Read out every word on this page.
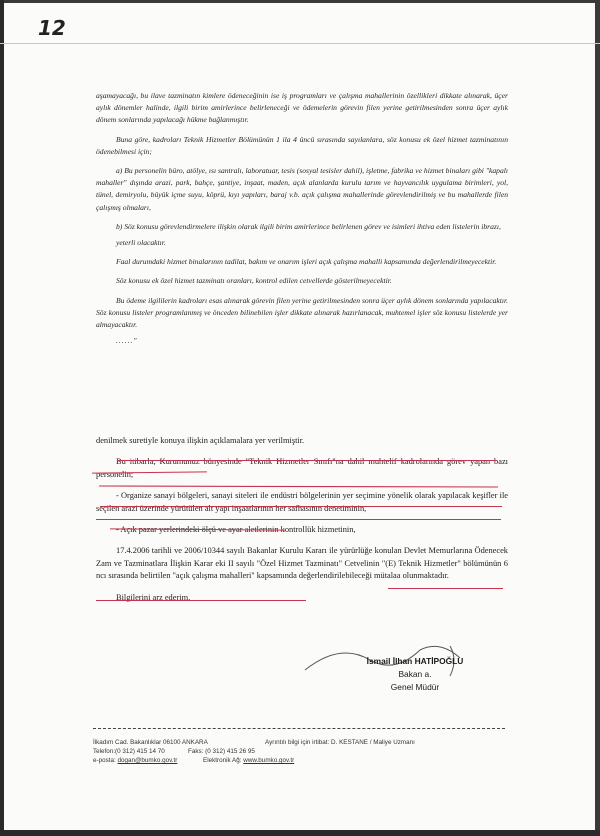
12

aşamayacağı, bu ilave tazminatın kimlere ödeneceğinin ise iş programları ve çalışma mahallerinin özellikleri dikkate alınarak, üçer aylık dönemler halinde, ilgili birim amirlerince belirleneceği ve ödemelerin görevin filen yerine getirilmesinden sonra üçer aylık dönem sonlarında yapılacağı hükme bağlanmıştır.

Buna göre, kadroları Teknik Hizmetler Bölümünün 1 ila 4 üncü sırasında sayılanlara, söz konusu ek özel hizmet tazminatının ödenebilmesi için;

a) Bu personelin büro, atölye, ısı santralı, laboratuar, tesis (sosyal tesisler dahil), işletme, fabrika ve hizmet binaları gibi "kapalı mahaller" dışında arazi, park, bahçe, şantiye, inşaat, maden, açık alanlarda kurulu tarım ve hayvancılık uygulama birimleri, yol, tünel, demiryolu, büyük içme suyu, köprü, kıyı yapıları, baraj v.b. açık çalışma mahallerinde görevlendirilmiş ve bu mahallerde filen çalışmış olmaları,

b) Söz konusu görevlendirmelere ilişkin olarak ilgili birim amirlerince belirlenen görev ve isimleri ihtiva eden listelerin ibrazı,

yeterli olacaktır.

Faal durumdaki hizmet binalarının tadilat, bakım ve onarım işleri açık çalışma mahalli kapsamında değerlendirilmeyecektir.

Söz konusu ek özel hizmet tazminatı oranları, kontrol edilen cetvellerde gösterilmeyecektir.

Bu ödeme ilgililerin kadroları esas alınarak görevin filen yerine getirilmesinden sonra üçer aylık dönem sonlarında yapılacaktır. Söz konusu listeler programlanmış ve önceden bilinebilen işler dikkate alınarak hazırlanacak, muhtemel işler söz konusu listelerde yer almayacaktır.

......"

denilmek suretiyle konuya ilişkin açıklamalara yer verilmiştir.

Bu itibarla, Kurumunuz bünyesinde "Teknik Hizmetler Sınıfı"na dahil muhtelif kadrolarında görev yapan bazı personelin;

- Organize sanayi bölgeleri, sanayi siteleri ile endüstri bölgelerinin yer seçimine yönelik olarak yapılacak keşifler ile seçilen arazi üzerinde yürütülen alt yapı inşaatlarının her safhasının denetiminin,

- Açık pazar yerlerindeki ölçü ve ayar aletlerinin kontrollük hizmetinin,

17.4.2006 tarihli ve 2006/10344 sayılı Bakanlar Kurulu Kararı ile yürürlüğe konulan Devlet Memurlarına Ödenecek Zam ve Tazminatlara İlişkin Karar eki II sayılı "Özel Hizmet Tazminatı" Cetvelinin "(E) Teknik Hizmetler" bölümünün 6 ncı sırasında belirtilen "açık çalışma mahalleri" kapsamında değerlendirilebileceği mütalaa olunmaktadır.

Bilgilerini arz ederim.

İsmail İlhan HATİPOĞLU
Bakan a.
Genel Müdür
İlkadım Cad. Bakanlıklar 06100 ANKARA	Ayrıntılı bilgi için irtibat: D. KESTANE / Maliye Uzmanı
Telefon:(0 312) 415 14 70	Faks: (0 312) 415 26 95
e-posta: dogan@bumko.gov.tr	Elektronik Ağ: www.bumko.gov.tr
